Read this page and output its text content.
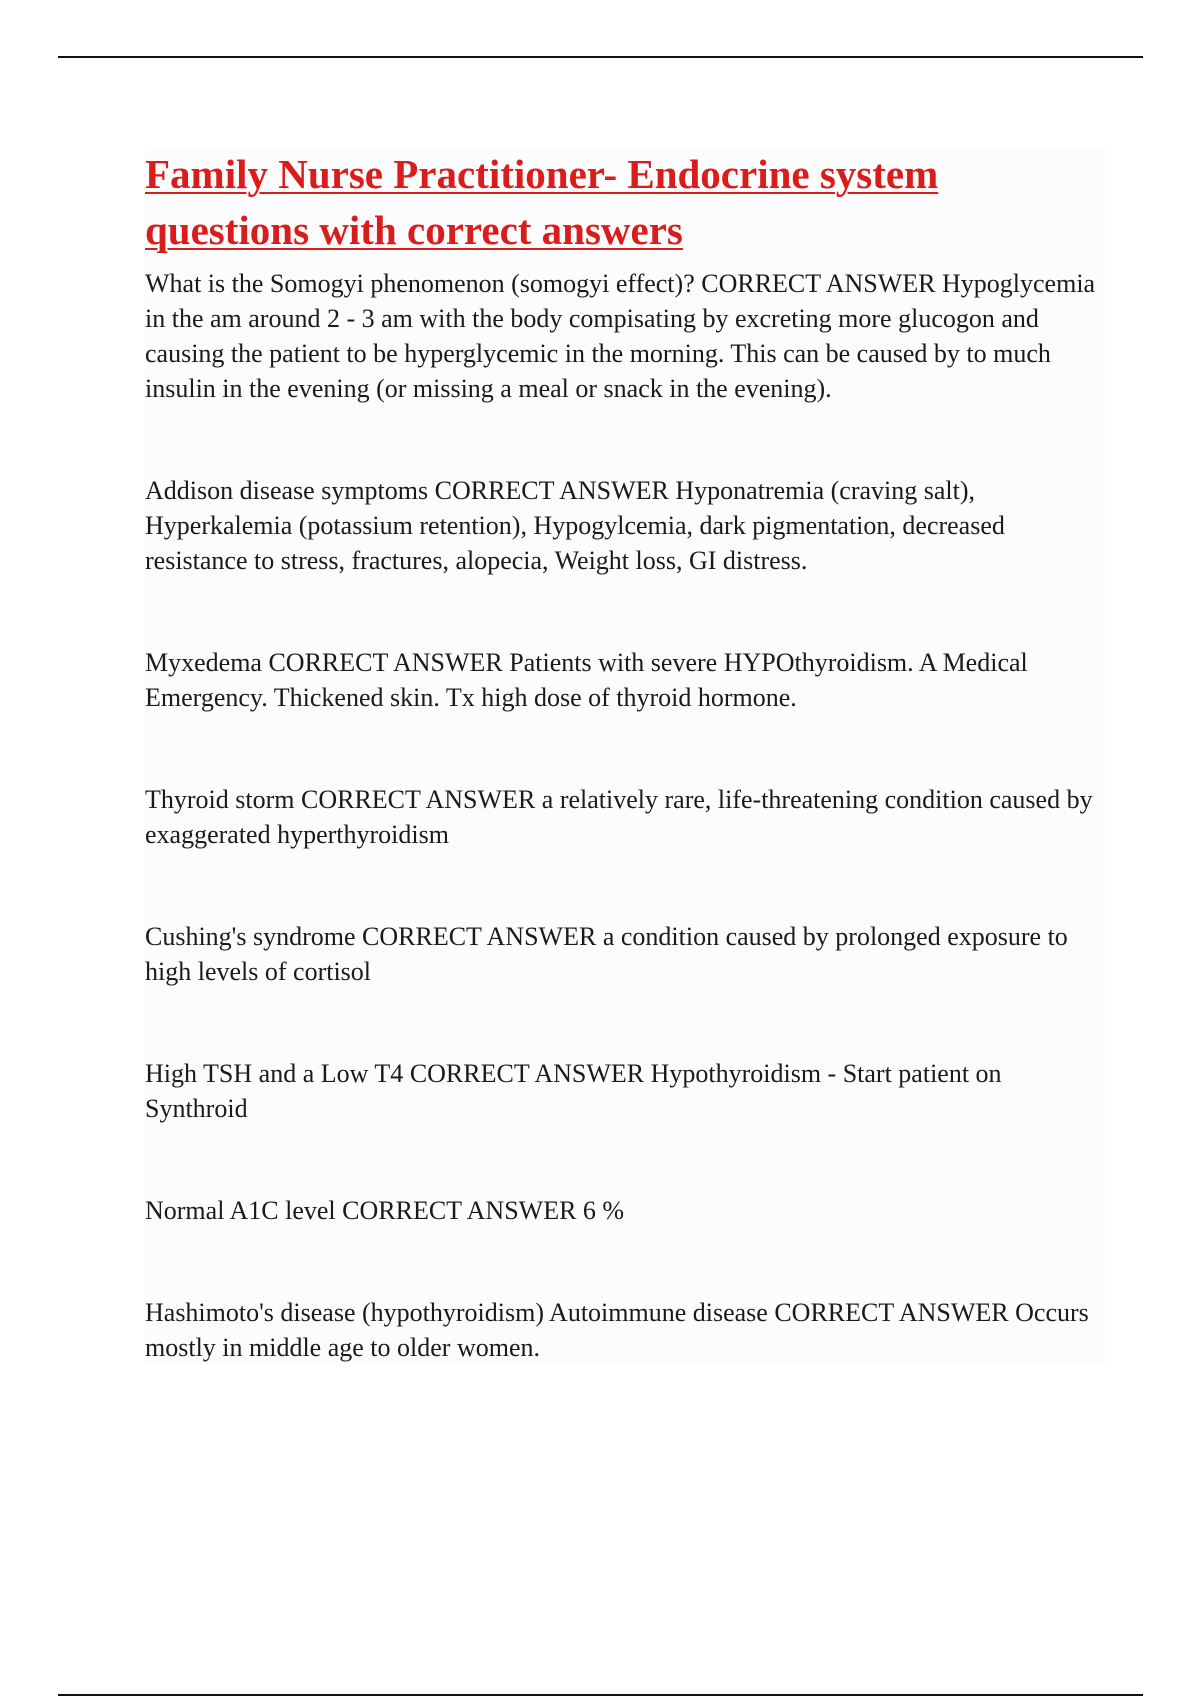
Family Nurse Practitioner- Endocrine system questions with correct answers

What is the Somogyi phenomenon (somogyi effect)? CORRECT ANSWER Hypoglycemia in the am around 2 - 3 am with the body compisating by excreting more glucogon and causing the patient to be hyperglycemic in the morning. This can be caused by to much insulin in the evening (or missing a meal or snack in the evening).

Addison disease symptoms CORRECT ANSWER Hyponatremia (craving salt), Hyperkalemia (potassium retention), Hypogylcemia, dark pigmentation, decreased resistance to stress, fractures, alopecia, Weight loss, GI distress.

Myxedema CORRECT ANSWER Patients with severe HYPOthyroidism. A Medical Emergency. Thickened skin. Tx high dose of thyroid hormone.

Thyroid storm CORRECT ANSWER a relatively rare, life-threatening condition caused by exaggerated hyperthyroidism

Cushing's syndrome CORRECT ANSWER a condition caused by prolonged exposure to high levels of cortisol

High TSH and a Low T4 CORRECT ANSWER Hypothyroidism - Start patient on Synthroid

Normal A1C level CORRECT ANSWER 6 %

Hashimoto's disease (hypothyroidism) Autoimmune disease CORRECT ANSWER Occurs mostly in middle age to older women.
